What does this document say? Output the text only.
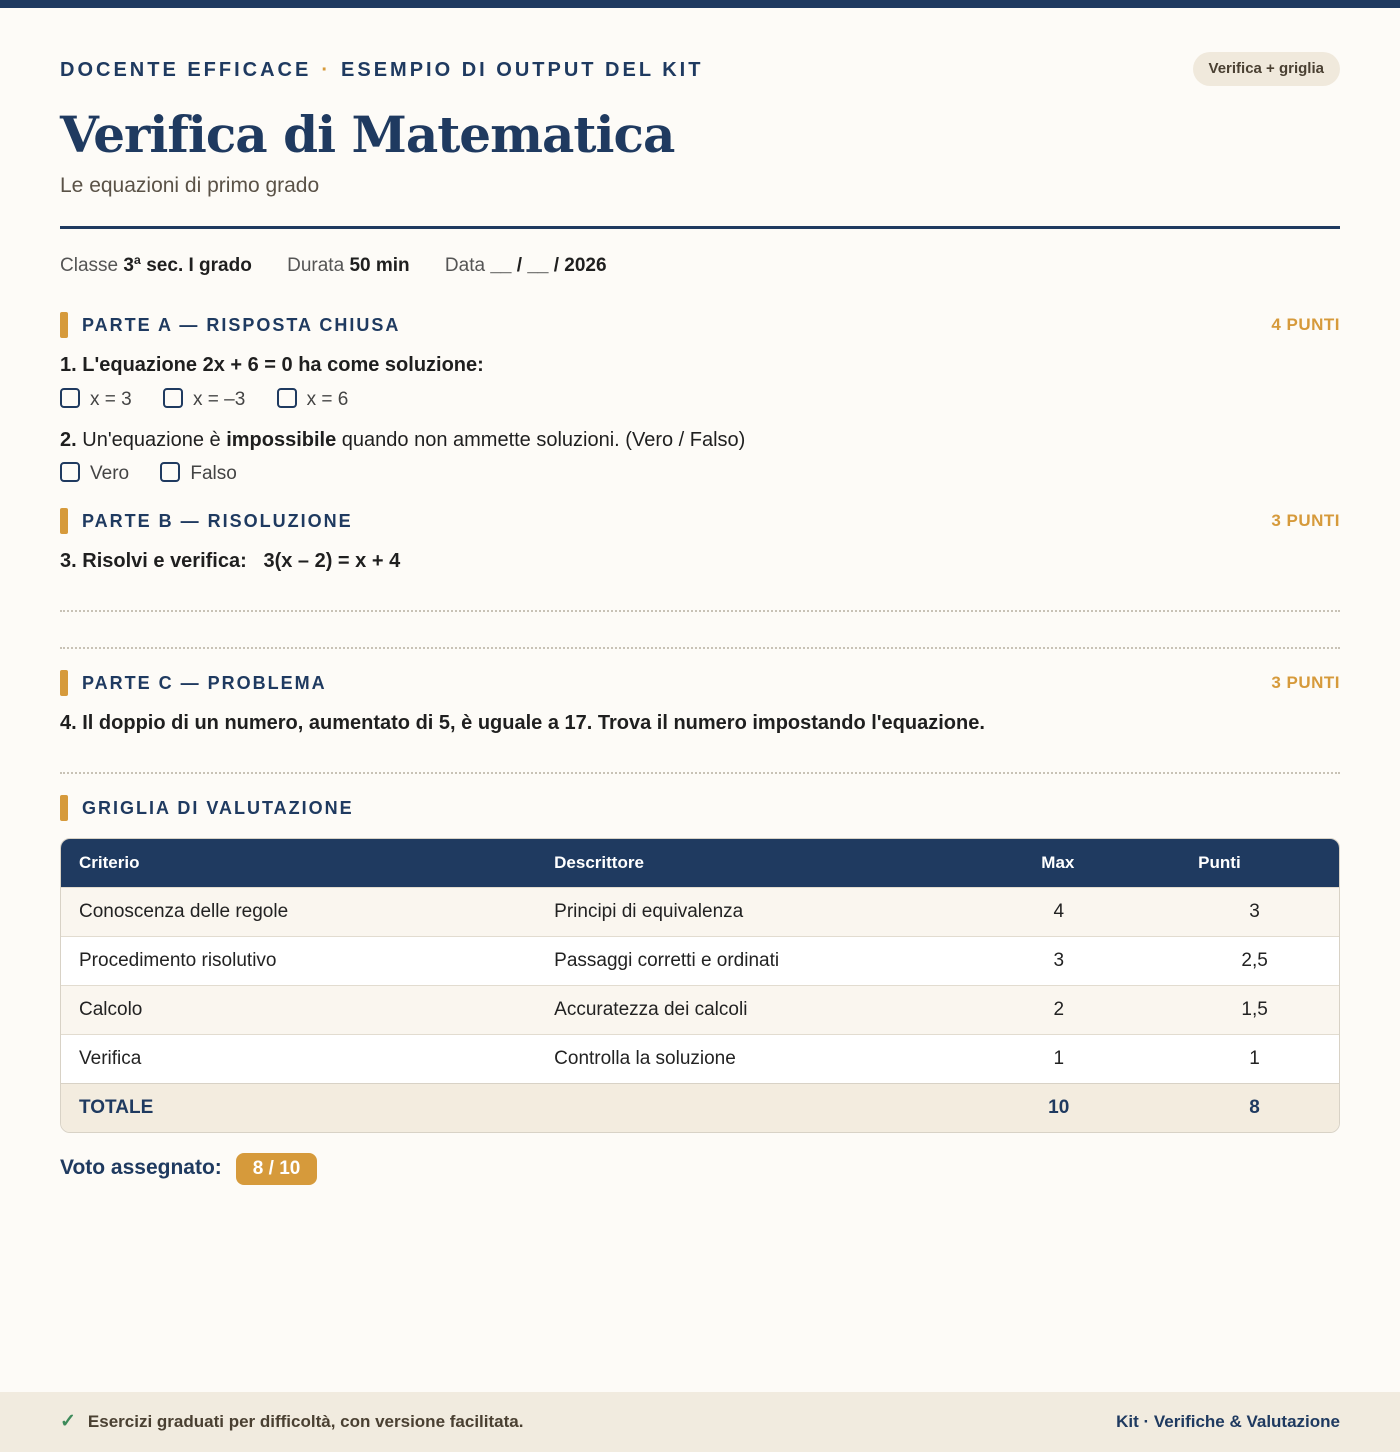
DOCENTE EFFICACE · ESEMPIO DI OUTPUT DEL KIT	Verifica + griglia
Verifica di Matematica
Le equazioni di primo grado
Classe 3ª sec. I grado Durata 50 min Data __ / __ / 2026
PARTE A — RISPOSTA CHIUSA	4 PUNTI
1. L'equazione 2x + 6 = 0 ha come soluzione:
x = 3	x = –3	x = 6
2. Un'equazione è impossibile quando non ammette soluzioni. (Vero / Falso)
Vero	Falso
PARTE B — RISOLUZIONE	3 PUNTI
3. Risolvi e verifica: 3(x – 2) = x + 4
PARTE C — PROBLEMA	3 PUNTI
4. Il doppio di un numero, aumentato di 5, è uguale a 17. Trova il numero impostando l'equazione.
GRIGLIA DI VALUTAZIONE
Criterio	Descrittore	Max	Punti
Conoscenza delle regole	Principi di equivalenza	4	3
Procedimento risolutivo	Passaggi corretti e ordinati	3	2,5
Calcolo	Accuratezza dei calcoli	2	1,5
Verifica	Controlla la soluzione	1	1
TOTALE		10	8
Voto assegnato: 8 / 10
✓ Esercizi graduati per difficoltà, con versione facilitata.	Kit · Verifiche & Valutazione
